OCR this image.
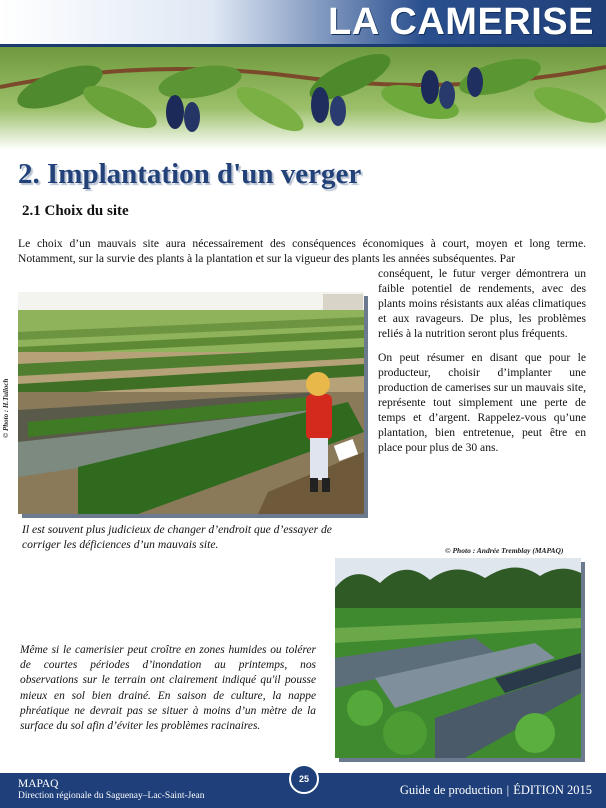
LA CAMERISE
2. Implantation d'un verger
2.1 Choix du site

Le choix d’un mauvais site aura nécessairement des conséquences économiques à court, moyen et long terme. Notamment, sur la survie des plants à la plantation et sur la vigueur des plants les années subséquentes. Par

© Photo : H.Tulloch

Il est souvent plus judicieux de changer d’endroit que d’essayer de corriger les déficiences d’un mauvais site.

conséquent, le futur verger démontrera un faible potentiel de rendements, avec des plants moins résistants aux aléas climatiques et aux ravageurs. De plus, les problèmes reliés à la nutrition seront plus fréquents.

On peut résumer en disant que pour le producteur, choisir d’implanter une production de camerises sur un mauvais site, représente tout simplement une perte de temps et d’argent. Rappelez-vous qu’une plantation, bien entretenue, peut être en place pour plus de 30 ans.

© Photo : Andrée Tremblay (MAPAQ)

Même si le camerisier peut croître en zones humides ou tolérer de courtes périodes d’inondation au printemps, nos observations sur le terrain ont clairement indiqué qu'il pousse mieux en sol bien drainé. En saison de culture, la nappe phréatique ne devrait pas se situer à moins d’un mètre de la surface du sol afin d’éviter les problèmes racinaires.

MAPAQ
Direction régionale du Saguenay–Lac-Saint-Jean	Guide de production | ÉDITION 2015
25
